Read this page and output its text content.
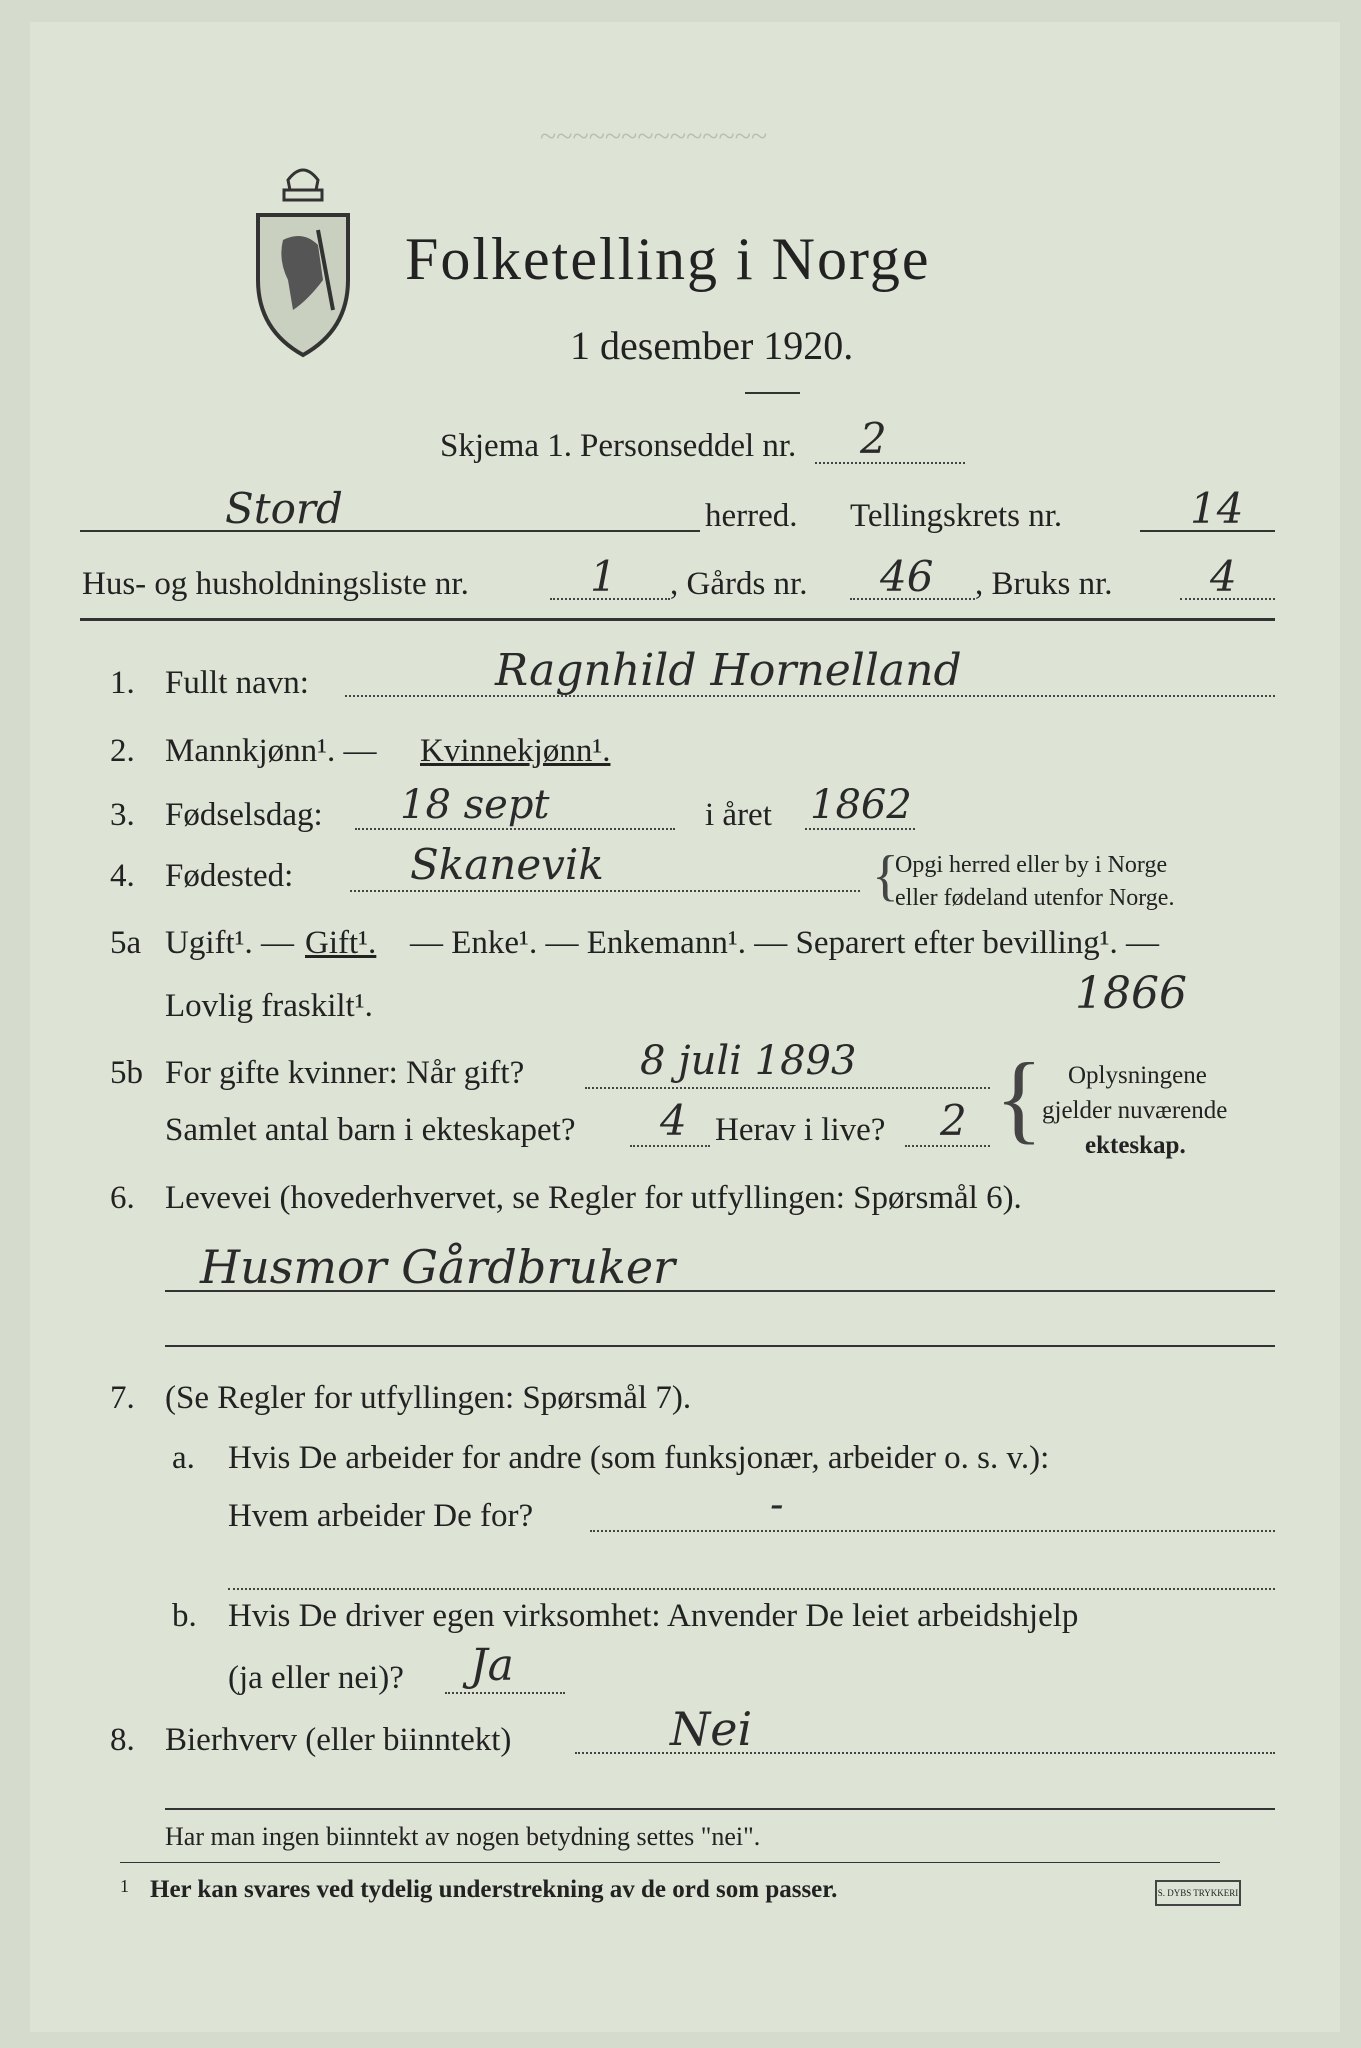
~~~~~~~~~~~~~~
Folketelling i Norge
1 desember 1920.
Skjema 1. Personseddel nr. 2
Stord	herred. Tellingskrets nr.	14
Hus- og husholdningsliste nr.	1 , Gårds nr. 46 , Bruks nr. 4
1. Fullt navn:	Ragnhild Hornelland
2. Mannkjønn¹. — Kvinnekjønn¹.
3. Fødselsdag: 18 sept	i året 1862
4. Fødested:	Skanevik	{
Opgi herred eller by i Norge
eller fødeland utenfor Norge.
5a Ugift¹. — Gift¹. — Enke¹. — Enkemann¹. — Separert efter bevilling¹. —
Lovlig fraskilt¹.	1866
5b For gifte kvinner: Når gift?	8 juli 1893
Samlet antal barn i ekteskapet? 4 Herav i live? 2 { Oplysningene
gjelder nuværende
ekteskap.
6. Levevei (hovederhvervet, se Regler for utfyllingen: Spørsmål 6).
Husmor Gårdbruker
7. (Se Regler for utfyllingen: Spørsmål 7).
a. Hvis De arbeider for andre (som funksjonær, arbeider o. s. v.):
Hvem arbeider De for?	-
b. Hvis De driver egen virksomhet: Anvender De leiet arbeidshjelp
(ja eller nei)? Ja
8. Bierhverv (eller biinntekt)	Nei
Har man ingen biinntekt av nogen betydning settes "nei".
1 Her kan svares ved tydelig understrekning av de ord som passer.	S. DYBS TRYKKERI
